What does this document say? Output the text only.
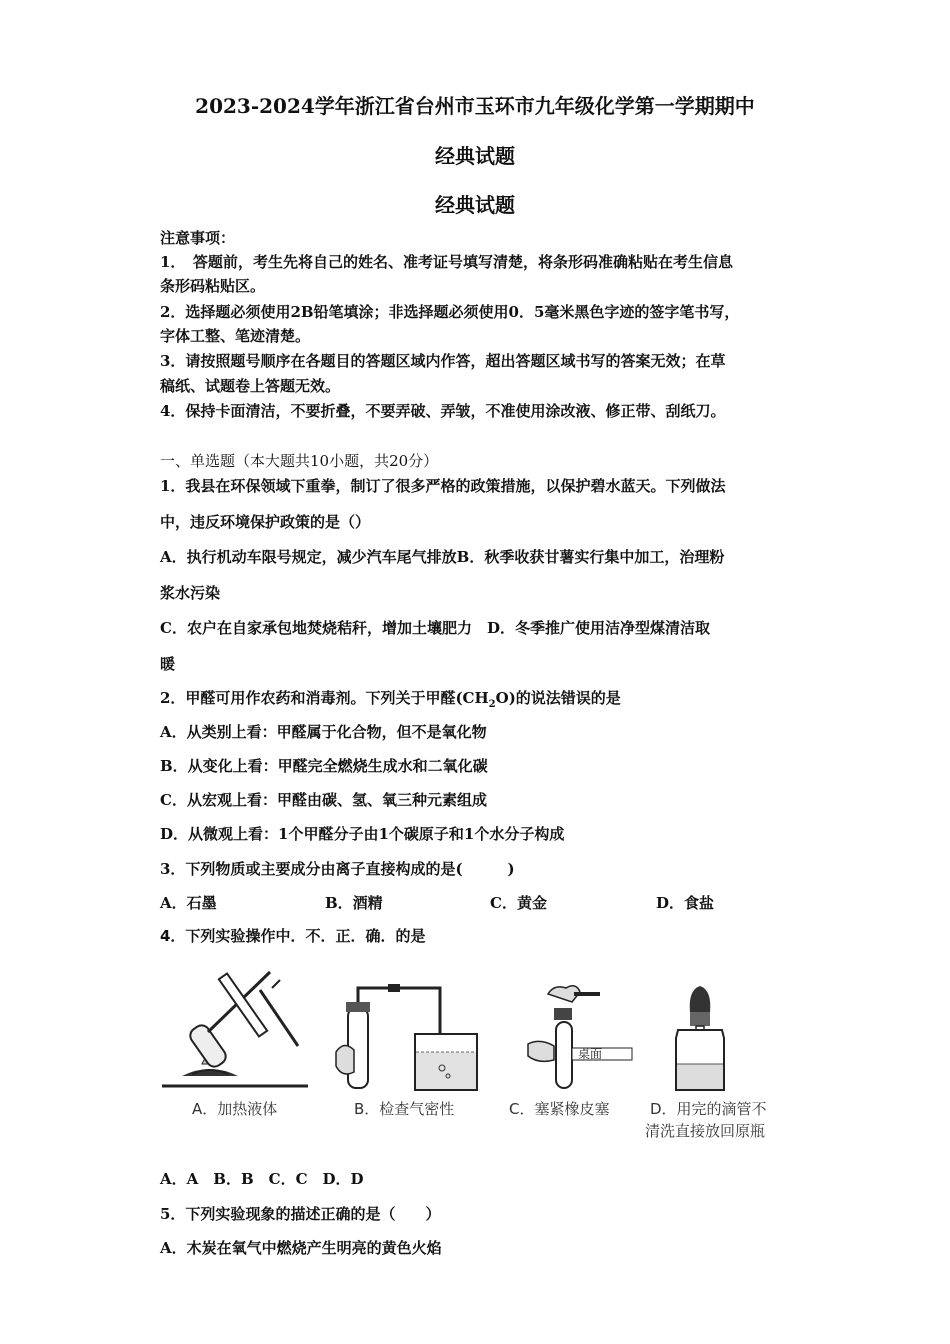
2023-2024学年浙江省台州市玉环市九年级化学第一学期期中
经典试题
经典试题
注意事项：
1．　答题前，考生先将自己的姓名、准考证号填写清楚，将条形码准确粘贴在考生信息
条形码粘贴区。
2．选择题必须使用2B铅笔填涂；非选择题必须使用0．5毫米黑色字迹的签字笔书写，
字体工整、笔迹清楚。
3．请按照题号顺序在各题目的答题区域内作答，超出答题区域书写的答案无效；在草
稿纸、试题卷上答题无效。
4．保持卡面清洁，不要折叠，不要弄破、弄皱，不准使用涂改液、修正带、刮纸刀。
一、单选题（本大题共10小题，共20分）
1．我县在环保领域下重拳，制订了很多严格的政策措施，以保护碧水蓝天。下列做法
中，违反环境保护政策的是（）
A．执行机动车限号规定，减少汽车尾气排放B．秋季收获甘薯实行集中加工，治理粉
浆水污染
C．农户在自家承包地焚烧秸秆，增加土壤肥力　D．冬季推广使用洁净型煤清洁取
暖
2．甲醛可用作农药和消毒剂。下列关于甲醛$(CH_2O)$的说法错误的是
A．从类别上看：甲醛属于化合物，但不是氧化物
B．从变化上看：甲醛完全燃烧生成水和二氧化碳
C．从宏观上看：甲醛由碳、氢、氧三种元素组成
D．从微观上看：1个甲醛分子由1个碳原子和1个水分子构成
3．下列物质或主要成分由离子直接构成的是(　　　)
A．石墨	B．酒精	C．黄金	D．食盐
4．下列实验操作中．不．正．确．的是
A．加热液体	B．检查气密性
桌面
C．塞紧橡皮塞	D．用完的滴管不
清洗直接放回原瓶
A．A　B．B　C．C　D．D
5．下列实验现象的描述正确的是（　　）
A．木炭在氧气中燃烧产生明亮的黄色火焰
